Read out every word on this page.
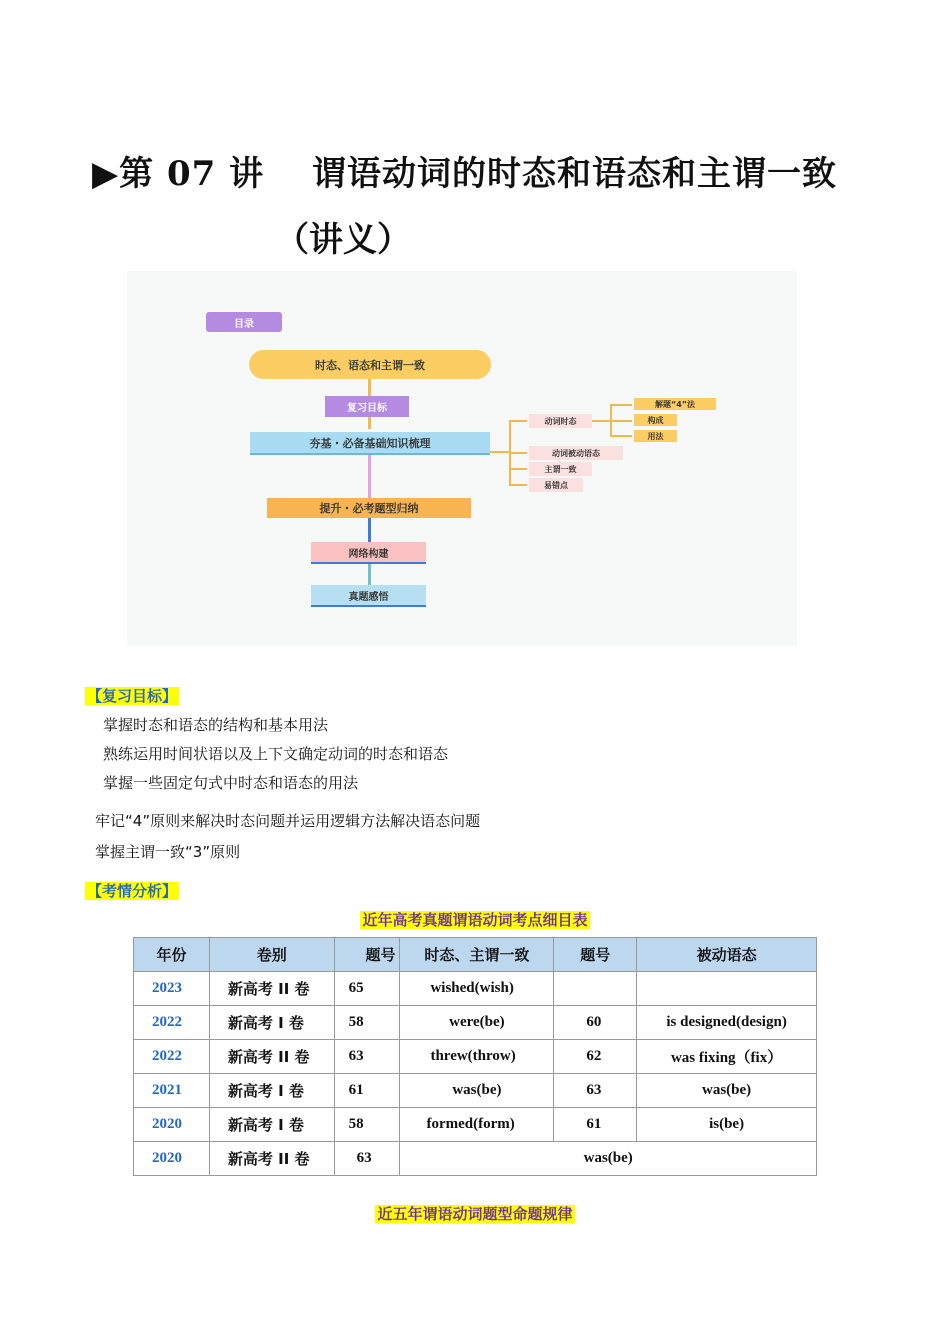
▶第 07 讲　 谓语动词的时态和语态和主谓一致
（讲义）
目录
时态、语态和主谓一致
复习目标
夯基・必备基础知识梳理
提升・必考题型归纳
网络构建
真题感悟
动词时态
动词被动语态
主谓一致
易错点
解题“4”法
构成
用法
【复习目标】
掌握时态和语态的结构和基本用法
熟练运用时间状语以及上下文确定动词的时态和语态
掌握一些固定句式中时态和语态的用法
牢记“4”原则来解决时态问题并运用逻辑方法解决语态问题
掌握主谓一致“3”原则
【考情分析】
近年高考真题谓语动词考点细目表
年份	卷别	题号	时态、主谓一致	题号	被动语态
2023	新高考 II 卷	65	wished(wish)		
2022	新高考 I 卷	58	were(be)	60	is designed(design)
2022	新高考 II 卷	63	threw(throw)	62	was fixing（fix）
2021	新高考 I 卷	61	was(be)	63	was(be)
2020	新高考 I 卷	58	formed(form)	61	is(be)
2020	新高考 II 卷	63	was(be)		
近五年谓语动词题型命题规律
